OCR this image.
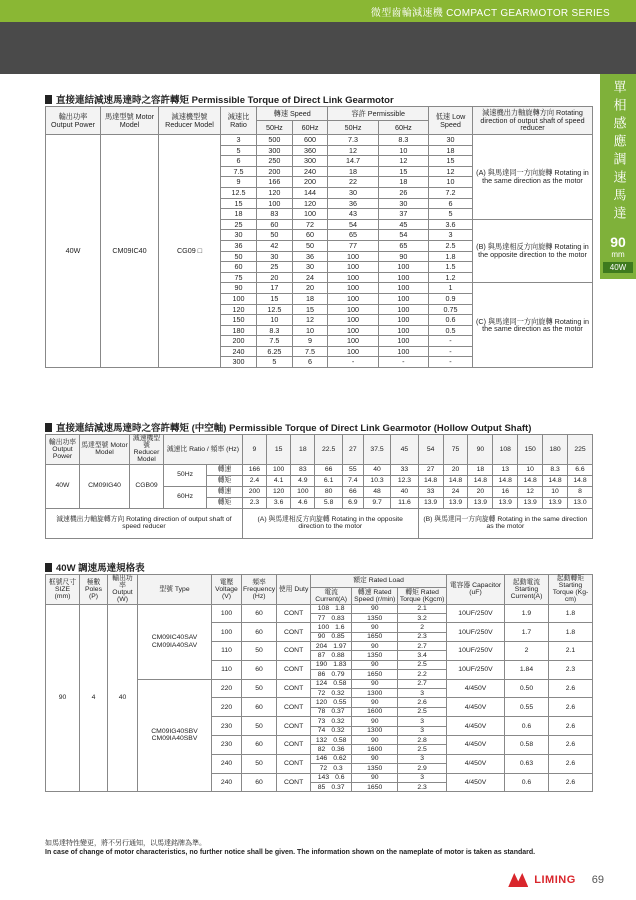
微型齒輪減速機 COMPACT GEARMOTOR SERIES
單相感應調速馬達
90
mm
40W
直接連結減速馬達時之容許轉矩 Permissible Torque of Direct Link Gearmotor
輸出功率 Output Power	馬達型號 Motor Model	減速機型號 Reducer Model	減速比 Ratio	轉速 Speed		容許 Permissible		低速 Low Speed	減速機出力軸旋轉方向 Rotating direction of output shaft of speed reducer
				50Hz	60Hz	50Hz	60Hz		
40W	CM09IC40	CG09 □	3	500	600	7.3	8.3	30	(A) 與馬達同一方向旋轉 Rotating in the same direction as the motor
			5	300	360	12	10	18	
			6	250	300	14.7	12	15	
			7.5	200	240	18	15	12	
			9	166	200	22	18	10	
			12.5	120	144	30	26	7.2	
			15	100	120	36	30	6	
			18	83	100	43	37	5	
			25	60	72	54	45	3.6	(B) 與馬達相反方向旋轉 Rotating in the opposite direction to the motor
			30	50	60	65	54	3	
			36	42	50	77	65	2.5	
			50	30	36	100	90	1.8	
			60	25	30	100	100	1.5	
			75	20	24	100	100	1.2	
			90	17	20	100	100	1	(C) 與馬達同一方向旋轉 Rotating in the same direction as the motor
			100	15	18	100	100	0.9	
			120	12.5	15	100	100	0.75	
			150	10	12	100	100	0.6	
			180	8.3	10	100	100	0.5	
			200	7.5	9	100	100	-	
			240	6.25	7.5	100	100	-	
			300	5	6	-	-	-	
直接連結減速馬達時之容許轉矩 (中空軸) Permissible Torque of Direct Link Gearmotor (Hollow Output Shaft)
輸出功率 Output Power	馬達型號 Motor Model	減速機型號 Reducer Model	減速比 Ratio / 頻率 (Hz)		9	15	18	22.5	27	37.5	45	54	75	90	108	150	180	225
40W	CM09IG40	CGB09	50Hz	轉速	166	100	83	66	55	40	33	27	20	18	13	10	8.3	6.6
				轉矩	2.4	4.1	4.9	6.1	7.4	10.3	12.3	14.8	14.8	14.8	14.8	14.8	14.8	14.8
			60Hz	轉速	200	120	100	80	66	48	40	33	24	20	16	12	10	8
				轉矩	2.3	3.6	4.6	5.8	6.9	9.7	11.6	13.9	13.9	13.9	13.9	13.9	13.9	13.0
減速機出力軸旋轉方向 Rotating direction of output shaft of speed reducer					(A) 與馬達相反方向旋轉 Rotating in the opposite direction to the motor							(B) 與馬達同一方向旋轉 Rotating in the same direction as the motor						
40W 調速馬達規格表
框號尺寸 SIZE (mm)	極數 Poles (P)	輸出功率 Output (W)	型號 Type	電壓 Voltage (V)	頻率 Frequency (Hz)	使用 Duty	額定 Rated Load			電容器 Capacitor (uF)	起動電流 Starting Current(A)	起動轉矩 Starting Torque (Kg-cm)
							電流 Current(A)	轉速 Rated Speed (r/min)	轉矩 Rated Torque (Kgcm)			
90	4	40	CM09IC40SAV CM09IA40SAV	100	60	CONT	108 1.8	90	2.1	10UF/250V	1.9	1.8
							77 0.83	1350	3.2			
				100	60	CONT	100 1.6	90	2	10UF/250V	1.7	1.8
							90 0.85	1650	2.3			
				110	50	CONT	204 1.97	90	2.7	10UF/250V	2	2.1
							87 0.88	1350	3.4			
				110	60	CONT	190 1.83	90	2.5	10UF/250V	1.84	2.3
							86 0.79	1650	2.2			
			CM09IG40SBV CM09IA40SBV	220	50	CONT	124 0.58	90	2.7	4/450V	0.50	2.6
							72 0.32	1300	3			
				220	60	CONT	120 0.55	90	2.6	4/450V	0.55	2.6
							78 0.37	1600	2.5			
				230	50	CONT	73 0.32	90	3	4/450V	0.6	2.6
							74 0.32	1300	3			
				230	60	CONT	132 0.58	90	2.8	4/450V	0.58	2.6
							82 0.36	1600	2.5			
				240	50	CONT	146 0.62	90	3	4/450V	0.63	2.6
							72 0.3	1350	2.9			
				240	60	CONT	143 0.6	90	3	4/450V	0.6	2.6
							85 0.37	1650	2.3			
如馬達特性變更，將不另行通知，以馬達銘牌為準。
In case of change of motor characteristics, no further notice shall be given. The information shown on the nameplate of motor is taken as standard.
LIMING 69
